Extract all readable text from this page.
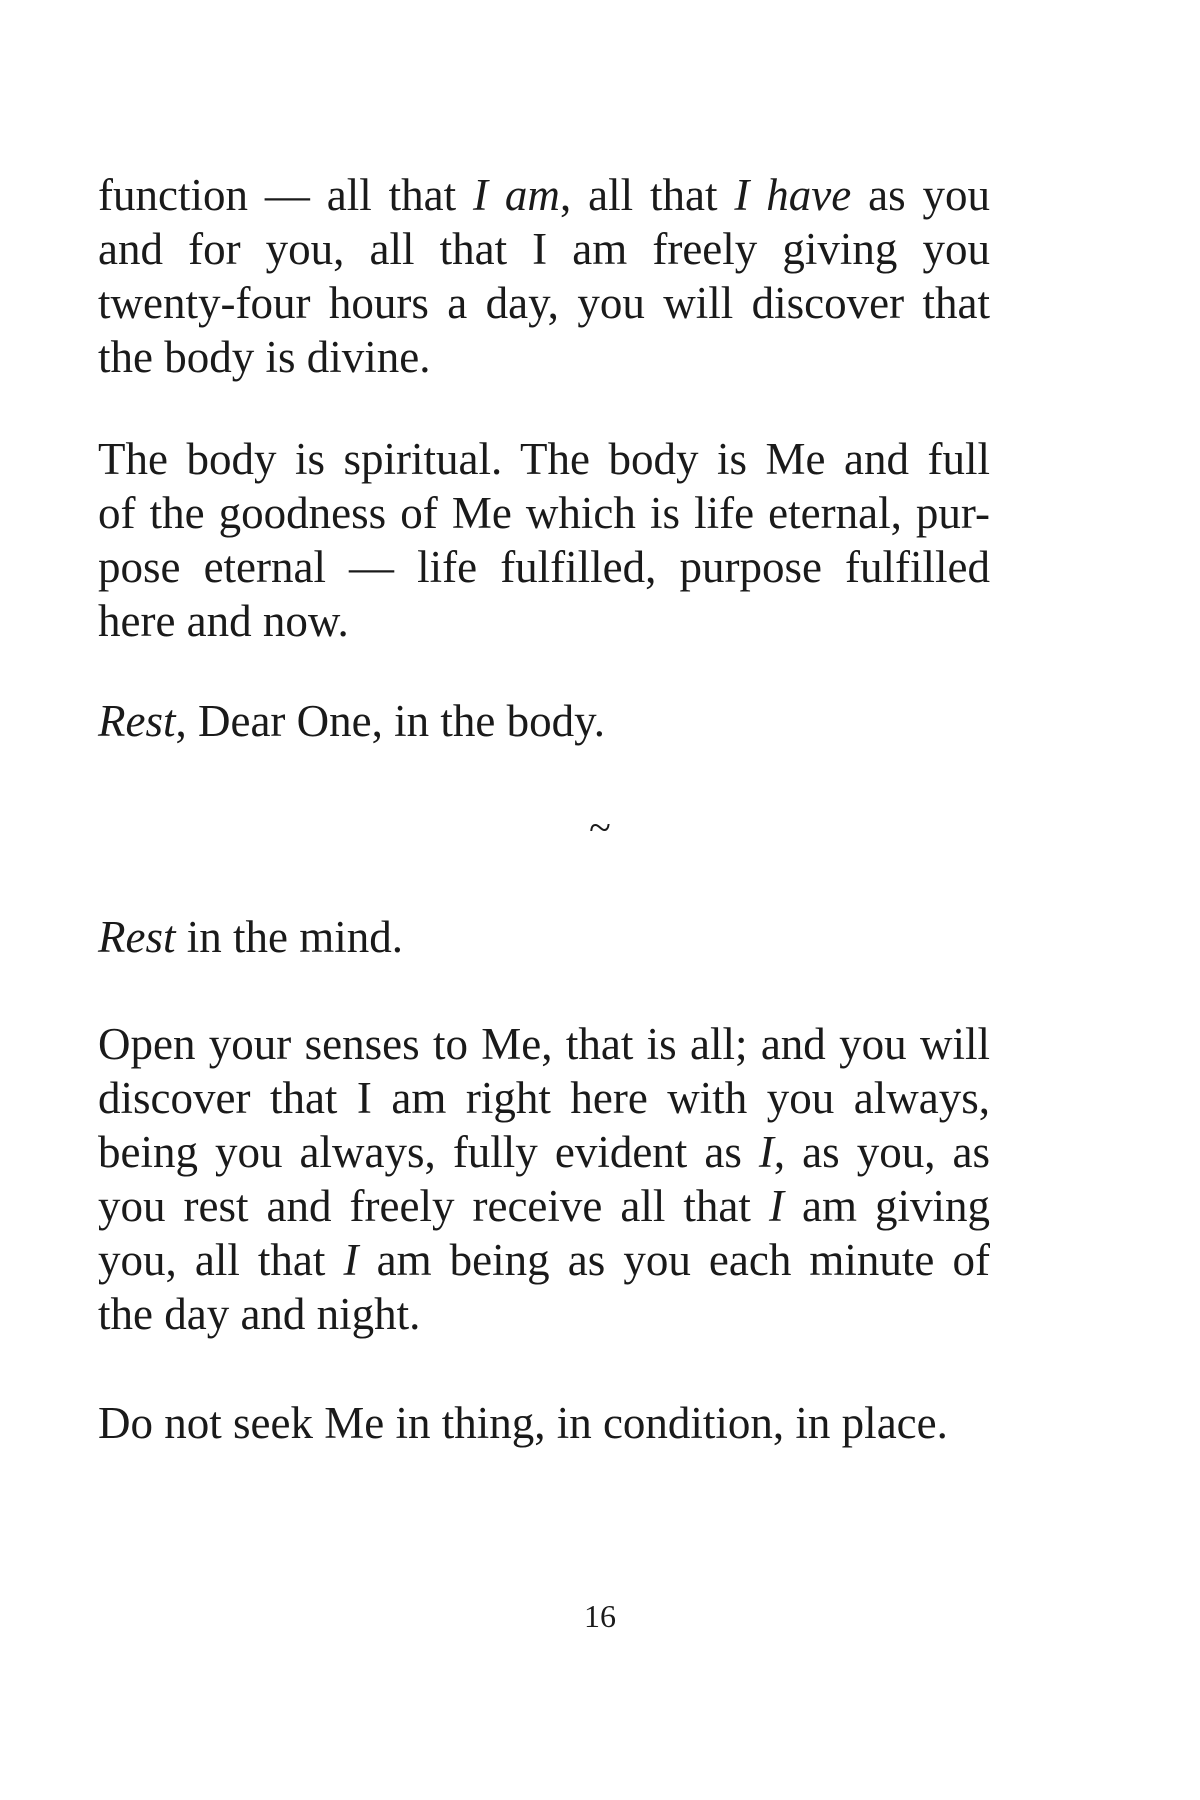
function — all that I am, all that I have as you
and for you, all that I am freely giving you
twenty-four hours a day, you will discover that
the body is divine.

The body is spiritual. The body is Me and full
of the goodness of Me which is life eternal, pur-
pose eternal — life fulfilled, purpose fulfilled
here and now.

Rest, Dear One, in the body.

~

Rest in the mind.

Open your senses to Me, that is all; and you will
discover that I am right here with you always,
being you always, fully evident as I, as you, as
you rest and freely receive all that I am giving
you, all that I am being as you each minute of
the day and night.

Do not seek Me in thing, in condition, in place.

16
